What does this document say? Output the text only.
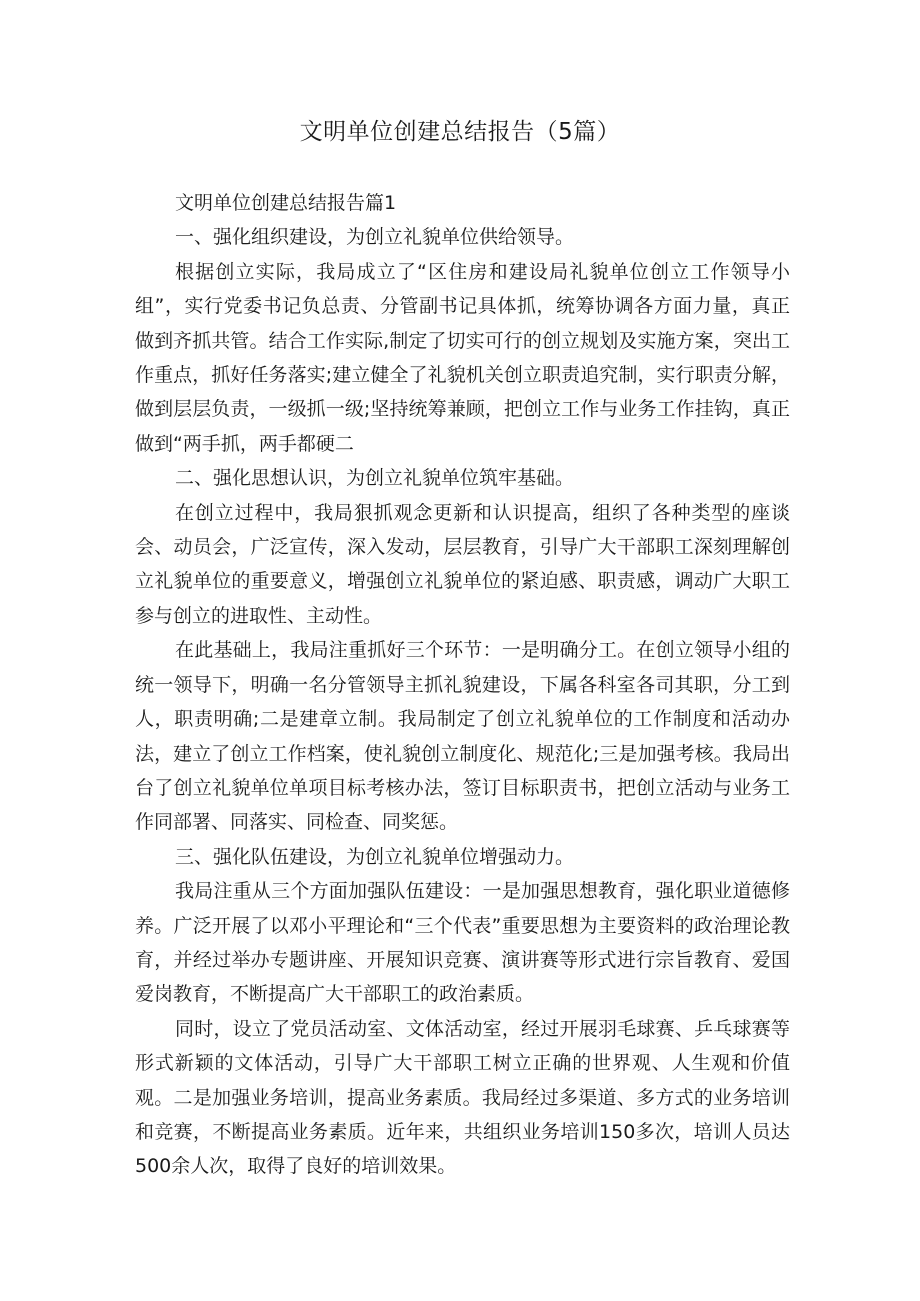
文明单位创建总结报告（5篇）

文明单位创建总结报告篇1

一、强化组织建设，为创立礼貌单位供给领导。

根据创立实际，我局成立了“区住房和建设局礼貌单位创立工作领导小组”，实行党委书记负总责、分管副书记具体抓，统筹协调各方面力量，真正做到齐抓共管。结合工作实际,制定了切实可行的创立规划及实施方案，突出工作重点，抓好任务落实;建立健全了礼貌机关创立职责追究制，实行职责分解，做到层层负责，一级抓一级;坚持统筹兼顾，把创立工作与业务工作挂钩，真正做到“两手抓，两手都硬二

二、强化思想认识，为创立礼貌单位筑牢基础。

在创立过程中，我局狠抓观念更新和认识提高，组织了各种类型的座谈会、动员会，广泛宣传，深入发动，层层教育，引导广大干部职工深刻理解创立礼貌单位的重要意义，增强创立礼貌单位的紧迫感、职责感，调动广大职工参与创立的进取性、主动性。

在此基础上，我局注重抓好三个环节：一是明确分工。在创立领导小组的统一领导下，明确一名分管领导主抓礼貌建设，下属各科室各司其职，分工到人，职责明确;二是建章立制。我局制定了创立礼貌单位的工作制度和活动办法，建立了创立工作档案，使礼貌创立制度化、规范化;三是加强考核。我局出台了创立礼貌单位单项目标考核办法，签订目标职责书，把创立活动与业务工作同部署、同落实、同检查、同奖惩。

三、强化队伍建设，为创立礼貌单位增强动力。

我局注重从三个方面加强队伍建设：一是加强思想教育，强化职业道德修养。广泛开展了以邓小平理论和“三个代表”重要思想为主要资料的政治理论教育，并经过举办专题讲座、开展知识竞赛、演讲赛等形式进行宗旨教育、爱国爱岗教育，不断提高广大干部职工的政治素质。

同时，设立了党员活动室、文体活动室，经过开展羽毛球赛、乒乓球赛等形式新颖的文体活动，引导广大干部职工树立正确的世界观、人生观和价值观。二是加强业务培训，提高业务素质。我局经过多渠道、多方式的业务培训和竞赛，不断提高业务素质。近年来，共组织业务培训150多次，培训人员达500余人次，取得了良好的培训效果。
